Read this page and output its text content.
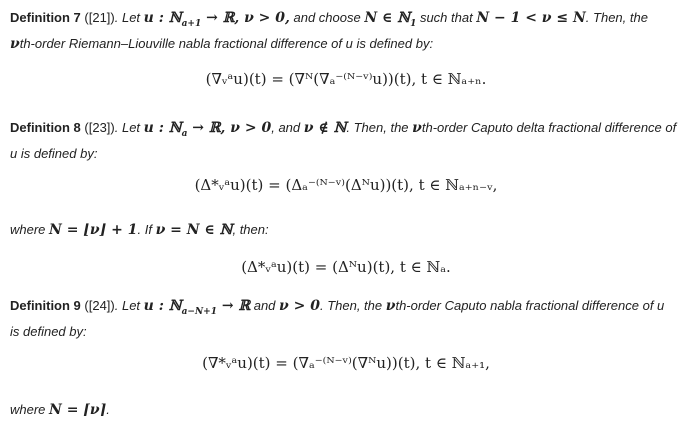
Definition 7 ([21]). Let u : ℕ$_{a+1}$ → ℝ, ν > 0, and choose N ∈ ℕ$_1$ such that N − 1 < ν ≤ N. Then, the
νth-order Riemann–Liouville nabla fractional difference of u is defined by:
(∇ᵥᵃu)(t) = (∇ᴺ(∇ₐ⁻⁽ᴺ⁻ᵛ⁾u))(t), t ∈ ℕₐ₊ₙ.
Definition 8 ([23]). Let u : ℕ$_a$ → ℝ, ν > 0, and ν ∉ ℕ. Then, the νth-order Caputo delta fractional difference of
u is defined by:
(Δ*ᵥᵃu)(t) = (Δₐ⁻⁽ᴺ⁻ᵛ⁾(Δᴺu))(t), t ∈ ℕₐ₊ₙ₋ᵥ,
where N = ⌊ν⌋ + 1. If ν = N ∈ ℕ, then:
(Δ*ᵥᵃu)(t) = (Δᴺu)(t), t ∈ ℕₐ.
Definition 9 ([24]). Let u : ℕ$_{a-N+1}$ → ℝ and ν > 0. Then, the νth-order Caputo nabla fractional difference of u
is defined by:
(∇*ᵥᵃu)(t) = (∇ₐ⁻⁽ᴺ⁻ᵛ⁾(∇ᴺu))(t), t ∈ ℕₐ₊₁,
where N = ⌈ν⌉.
